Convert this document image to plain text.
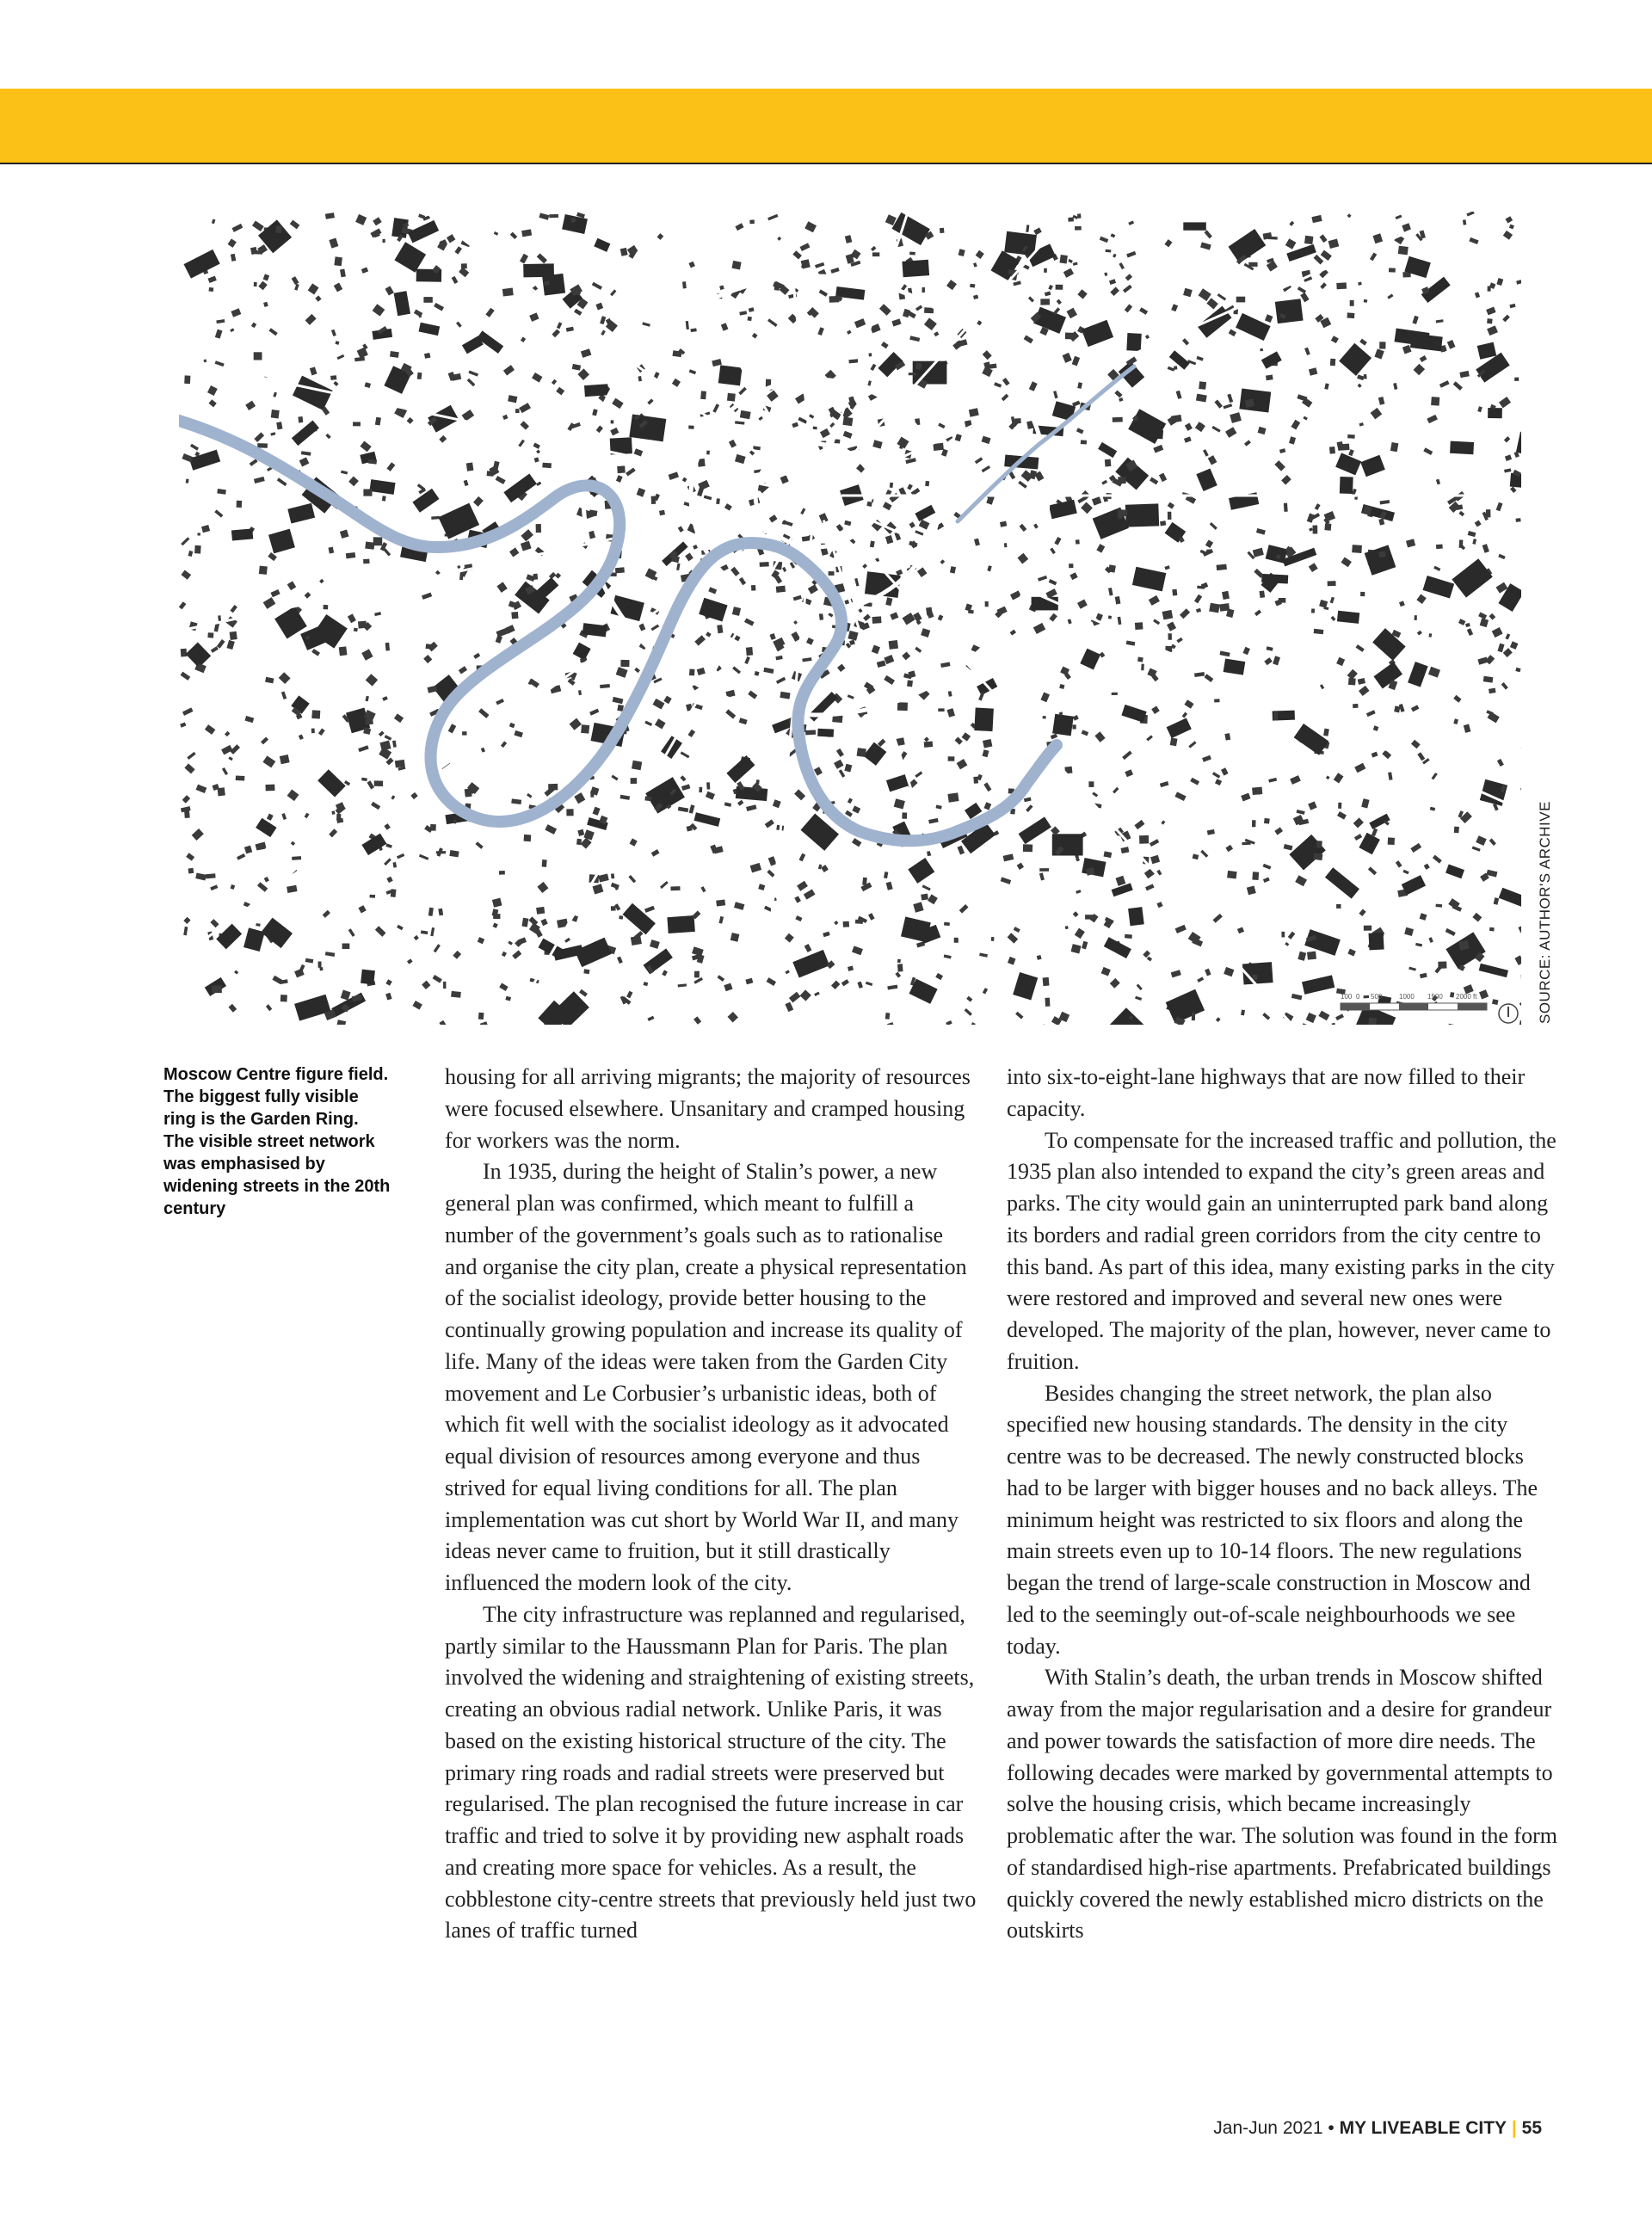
100 0 500 1000 1500 2000 ft	SOURCE: AUTHOR'S ARCHIVE

Moscow Centre figure field. The biggest fully visible ring is the Garden Ring. The visible street network was emphasised by widening streets in the 20th century

housing for all arriving migrants; the majority of resources were focused elsewhere. Unsanitary and cramped housing for workers was the norm.

In 1935, during the height of Stalin’s power, a new general plan was confirmed, which meant to fulfill a number of the government’s goals such as to rationalise and organise the city plan, create a physical representation of the socialist ideology, provide better housing to the continually growing population and increase its quality of life. Many of the ideas were taken from the Garden City movement and Le Corbusier’s urbanistic ideas, both of which fit well with the socialist ideology as it advocated equal division of resources among everyone and thus strived for equal living conditions for all. The plan implementation was cut short by World War II, and many ideas never came to fruition, but it still drastically influenced the modern look of the city.

The city infrastructure was replanned and regularised, partly similar to the Haussmann Plan for Paris. The plan involved the widening and straightening of existing streets, creating an obvious radial network. Unlike Paris, it was based on the existing historical structure of the city. The primary ring roads and radial streets were preserved but regularised. The plan recognised the future increase in car traffic and tried to solve it by providing new asphalt roads and creating more space for vehicles. As a result, the cobblestone city-centre streets that previously held just two lanes of traffic turned

into six-to-eight-lane highways that are now filled to their capacity.

To compensate for the increased traffic and pollution, the 1935 plan also intended to expand the city’s green areas and parks. The city would gain an uninterrupted park band along its borders and radial green corridors from the city centre to this band. As part of this idea, many existing parks in the city were restored and improved and several new ones were developed. The majority of the plan, however, never came to fruition.

Besides changing the street network, the plan also specified new housing standards. The density in the city centre was to be decreased. The newly constructed blocks had to be larger with bigger houses and no back alleys. The minimum height was restricted to six floors and along the main streets even up to 10-14 floors. The new regulations began the trend of large-scale construction in Moscow and led to the seemingly out-of-scale neighbourhoods we see today.

With Stalin’s death, the urban trends in Moscow shifted away from the major regularisation and a desire for grandeur and power towards the satisfaction of more dire needs. The following decades were marked by governmental attempts to solve the housing crisis, which became increasingly problematic after the war. The solution was found in the form of standardised high-rise apartments. Prefabricated buildings quickly covered the newly established micro districts on the outskirts

Jan-Jun 2021 • MY LIVEABLE CITY | 55
